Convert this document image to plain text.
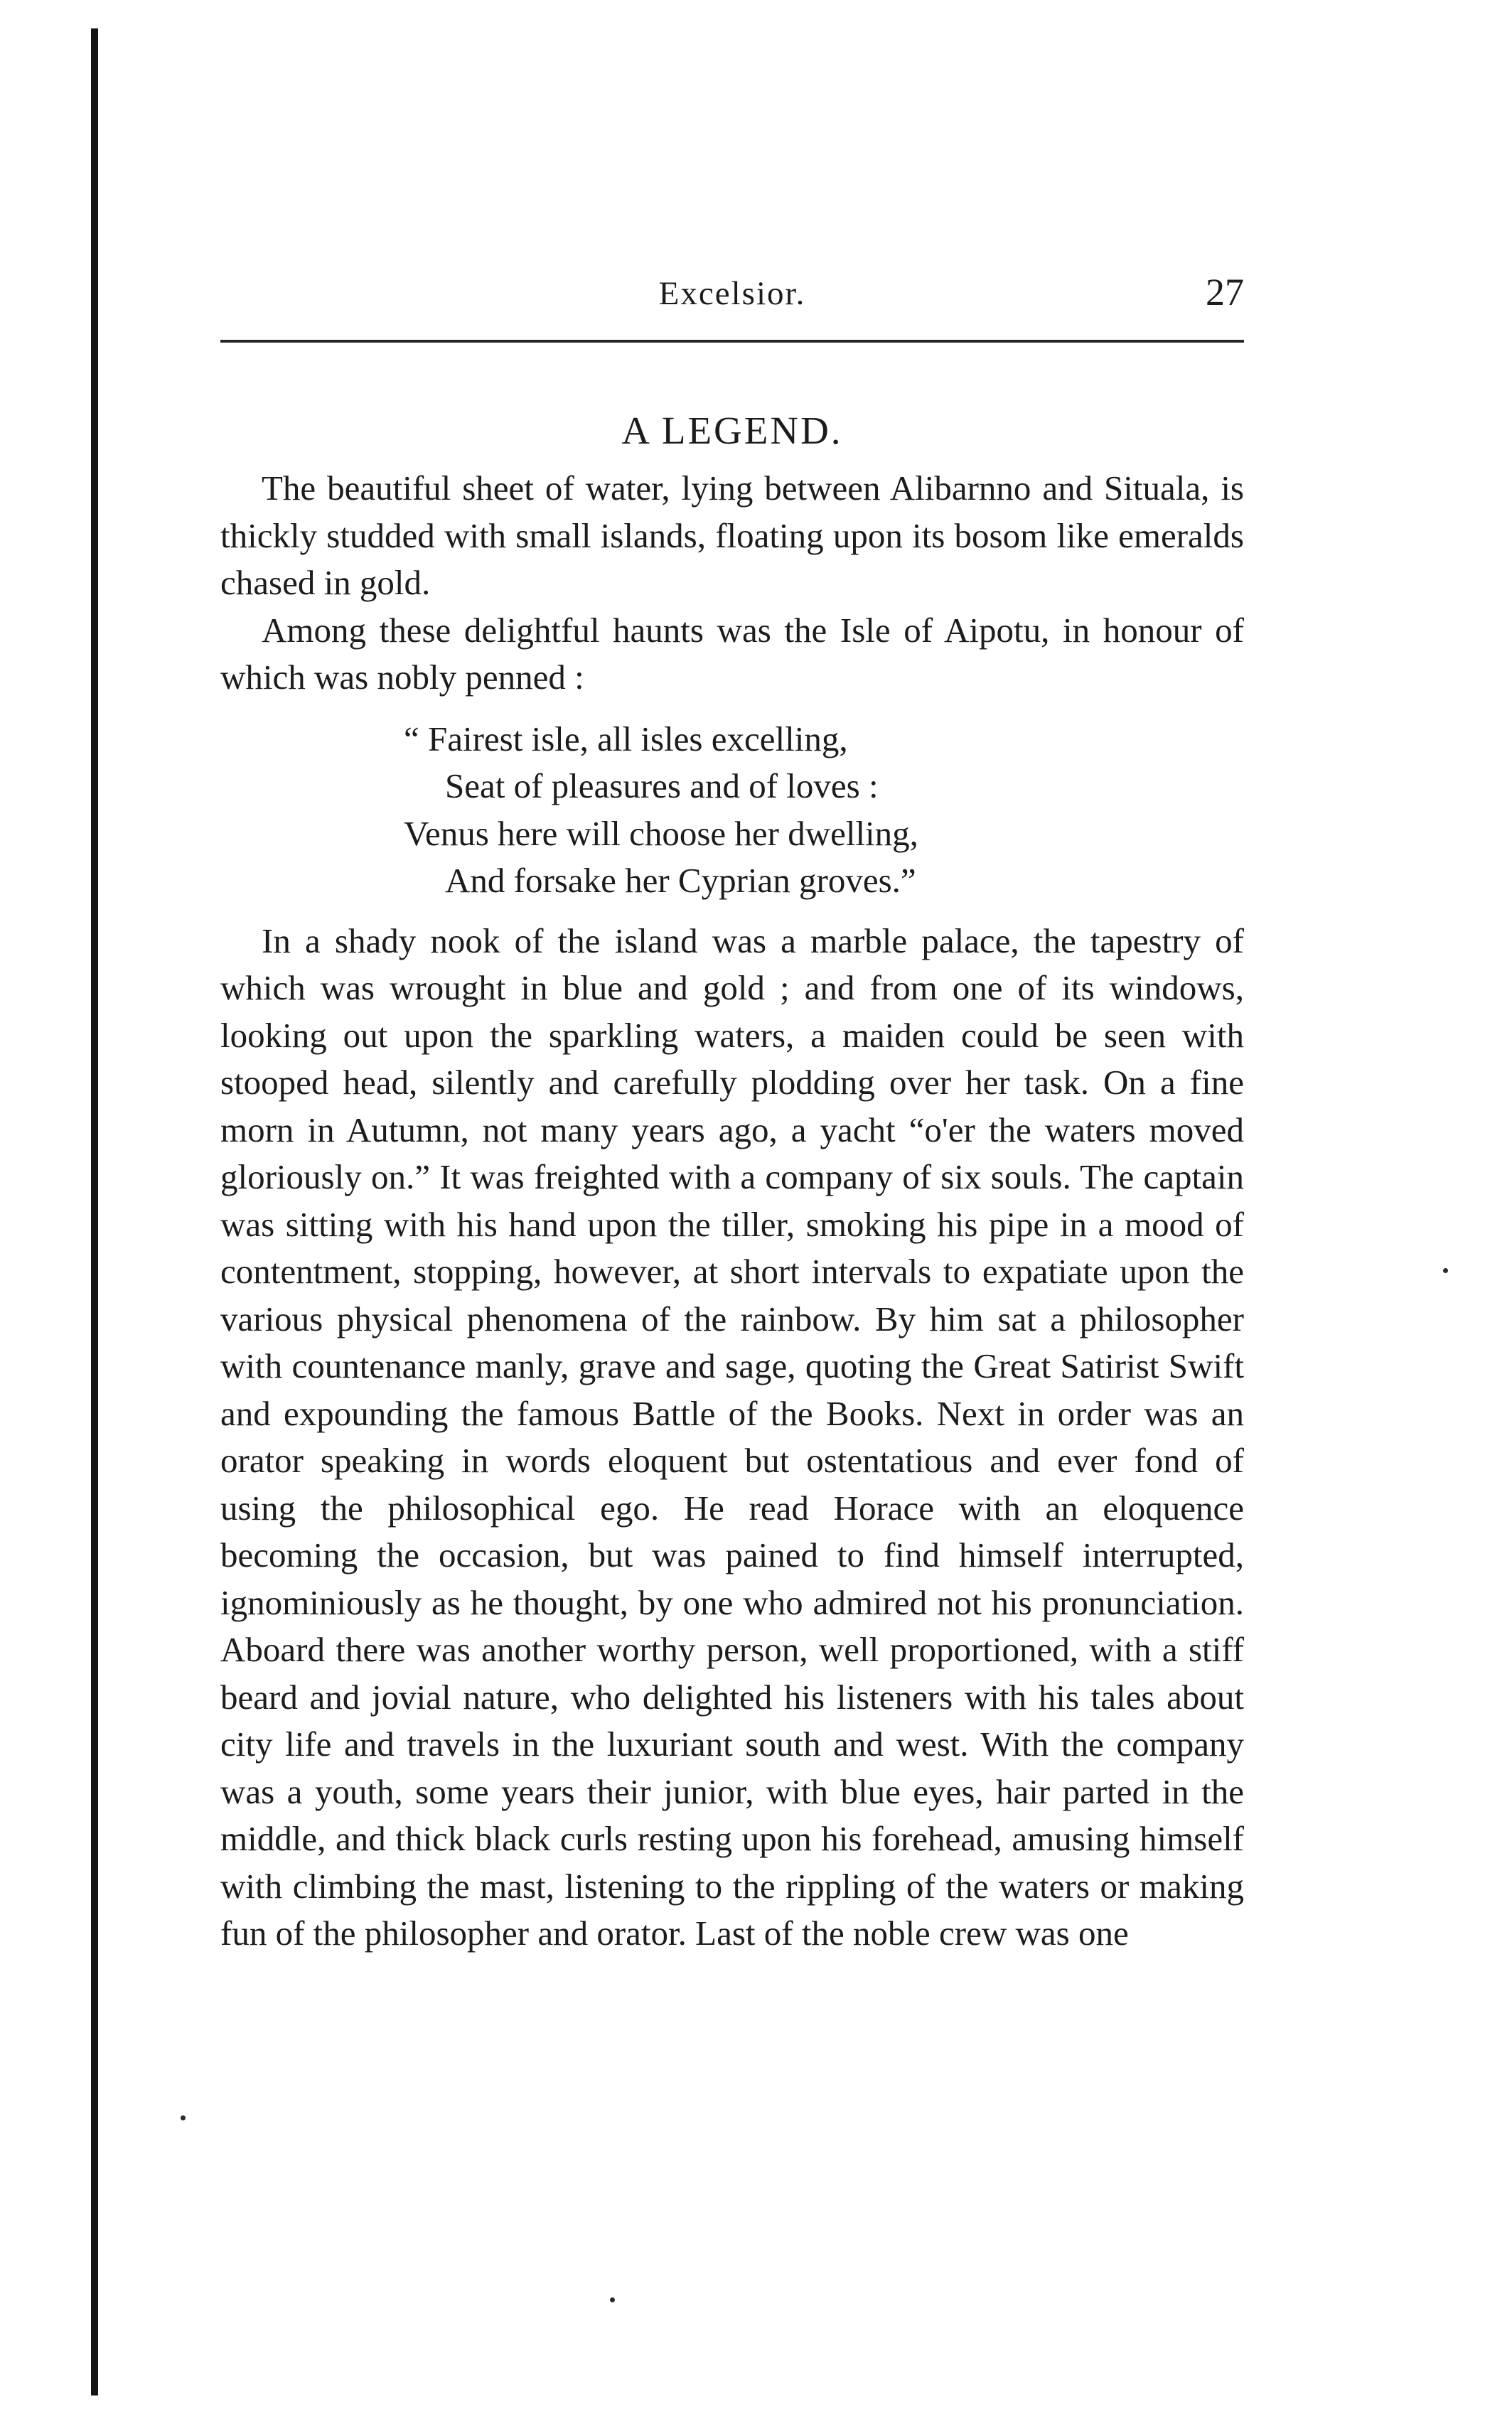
Excelsior.	27
A LEGEND.

The beautiful sheet of water, lying between Alibarnno and Situala, is thickly studded with small islands, floating upon its bosom like emeralds chased in gold.

Among these delightful haunts was the Isle of Aipotu, in honour of which was nobly penned :

“ Fairest isle, all isles excelling,
Seat of pleasures and of loves :
Venus here will choose her dwelling,
And forsake her Cyprian groves.”

In a shady nook of the island was a marble palace, the tapestry of which was wrought in blue and gold ; and from one of its windows, looking out upon the sparkling waters, a maiden could be seen with stooped head, silently and carefully plodding over her task. On a fine morn in Autumn, not many years ago, a yacht “o'er the waters moved gloriously on.” It was freighted with a company of six souls. The captain was sitting with his hand upon the tiller, smoking his pipe in a mood of contentment, stopping, however, at short intervals to expatiate upon the various physical phenomena of the rainbow. By him sat a philosopher with countenance manly, grave and sage, quoting the Great Satirist Swift and expounding the famous Battle of the Books. Next in order was an orator speaking in words eloquent but ostentatious and ever fond of using the philosophical ego. He read Horace with an eloquence becoming the occasion, but was pained to find himself interrupted, ignominiously as he thought, by one who admired not his pronunciation. Aboard there was another worthy person, well proportioned, with a stiff beard and jovial nature, who delighted his listeners with his tales about city life and travels in the luxuriant south and west. With the company was a youth, some years their junior, with blue eyes, hair parted in the middle, and thick black curls resting upon his forehead, amusing himself with climbing the mast, listening to the rippling of the waters or making fun of the philosopher and orator. Last of the noble crew was one
